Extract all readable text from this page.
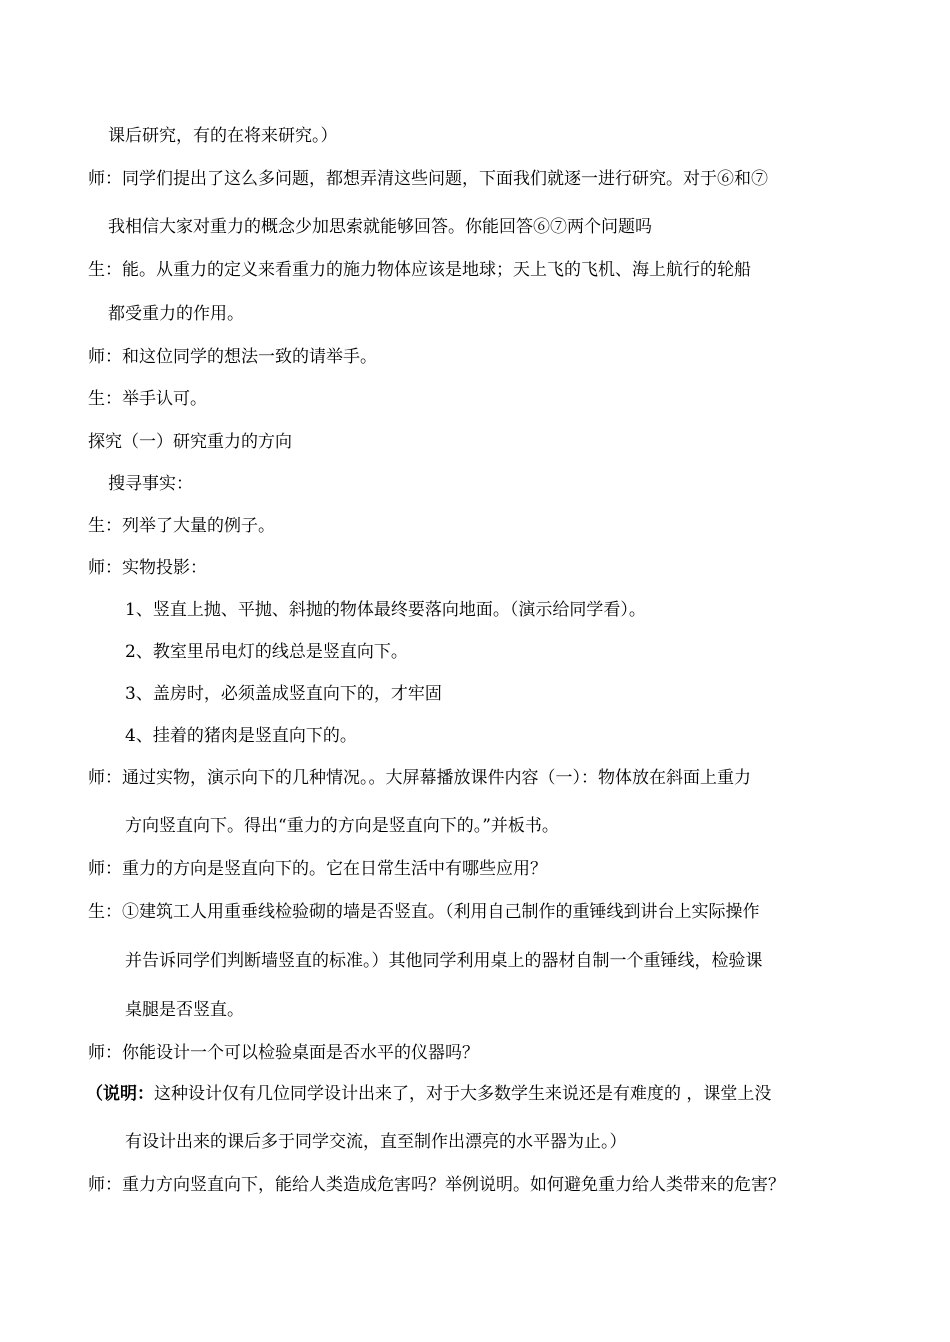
课后研究，有的在将来研究。）
师：同学们提出了这么多问题，都想弄清这些问题，下面我们就逐一进行研究。对于⑥和⑦
我相信大家对重力的概念少加思索就能够回答。你能回答⑥⑦两个问题吗
生：能。从重力的定义来看重力的施力物体应该是地球；天上飞的飞机、海上航行的轮船
都受重力的作用。
师：和这位同学的想法一致的请举手。
生：举手认可。
探究（一）研究重力的方向
搜寻事实：
生：列举了大量的例子。
师：实物投影：
1、竖直上抛、平抛、斜抛的物体最终要落向地面。（演示给同学看）。
2、教室里吊电灯的线总是竖直向下。
3、盖房时，必须盖成竖直向下的，才牢固
4、挂着的猪肉是竖直向下的。
师：通过实物，演示向下的几种情况。。大屏幕播放课件内容（一）：物体放在斜面上重力
方向竖直向下。得出“重力的方向是竖直向下的。”并板书。
师：重力的方向是竖直向下的。它在日常生活中有哪些应用？
生：①建筑工人用重垂线检验砌的墙是否竖直。（利用自己制作的重锤线到讲台上实际操作
并告诉同学们判断墙竖直的标准。）其他同学利用桌上的器材自制一个重锤线，检验课
桌腿是否竖直。
师：你能设计一个可以检验桌面是否水平的仪器吗？
（说明：这种设计仅有几位同学设计出来了，对于大多数学生来说还是有难度的 ，课堂上没
有设计出来的课后多于同学交流，直至制作出漂亮的水平器为止。）
师：重力方向竖直向下，能给人类造成危害吗？举例说明。如何避免重力给人类带来的危害？
